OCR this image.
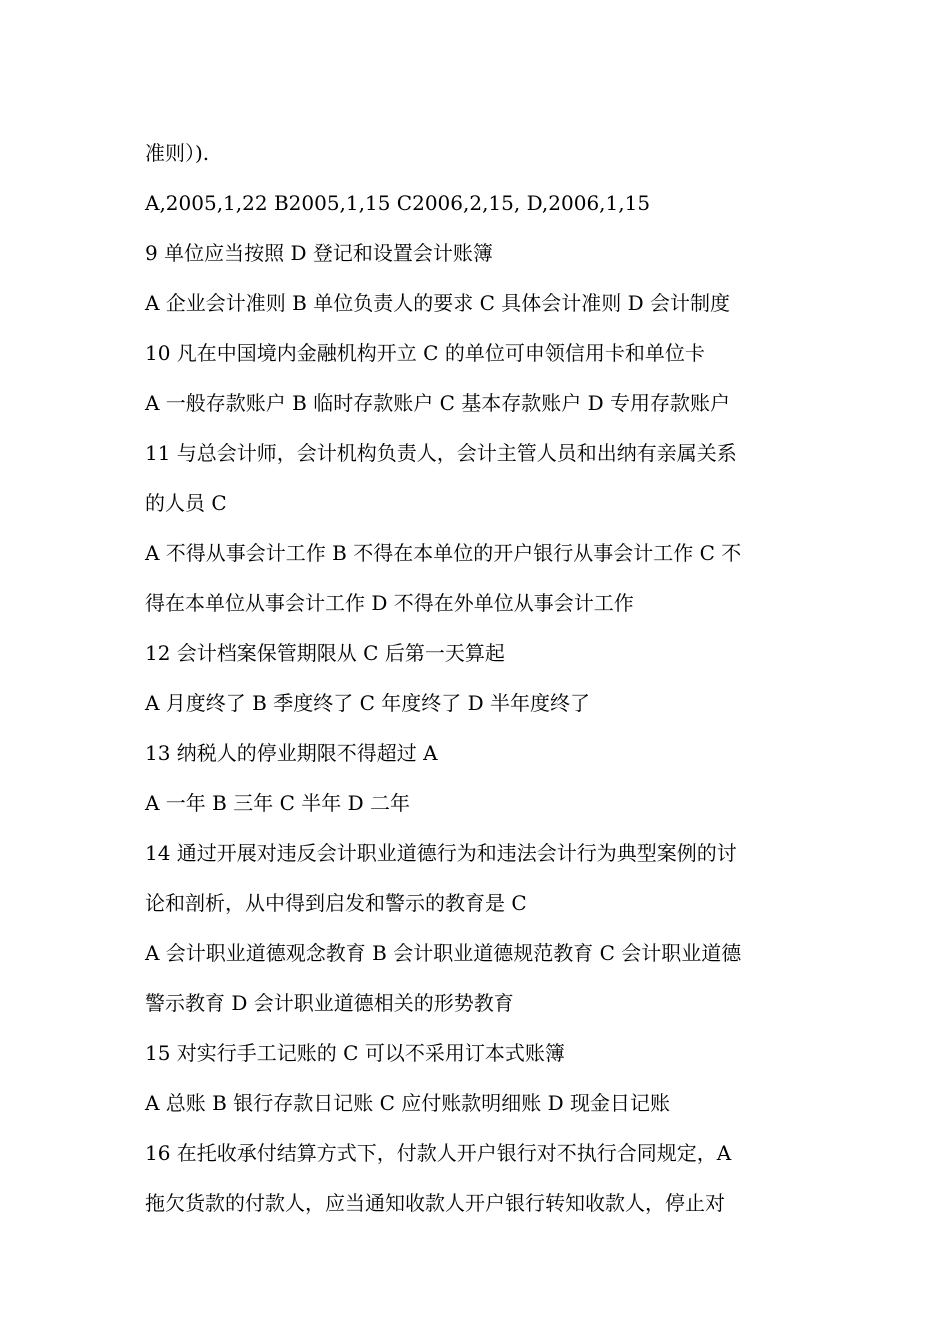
准则）).
A,2005,1,22 B2005,1,15 C2006,2,15, D,2006,1,15
9 单位应当按照 D 登记和设置会计账簿
A 企业会计准则 B 单位负责人的要求 C 具体会计准则 D 会计制度
10 凡在中国境内金融机构开立 C 的单位可申领信用卡和单位卡
A 一般存款账户 B 临时存款账户 C 基本存款账户 D 专用存款账户
11 与总会计师，会计机构负责人，会计主管人员和出纳有亲属关系
的人员 C
A 不得从事会计工作 B 不得在本单位的开户银行从事会计工作 C 不
得在本单位从事会计工作 D 不得在外单位从事会计工作
12 会计档案保管期限从 C 后第一天算起
A 月度终了 B 季度终了 C 年度终了 D 半年度终了
13 纳税人的停业期限不得超过 A
A 一年 B 三年 C 半年 D 二年
14 通过开展对违反会计职业道德行为和违法会计行为典型案例的讨
论和剖析，从中得到启发和警示的教育是 C
A 会计职业道德观念教育 B 会计职业道德规范教育 C 会计职业道德
警示教育 D 会计职业道德相关的形势教育
15 对实行手工记账的 C 可以不采用订本式账簿
A 总账 B 银行存款日记账 C 应付账款明细账 D 现金日记账
16 在托收承付结算方式下，付款人开户银行对不执行合同规定，A
拖欠货款的付款人，应当通知收款人开户银行转知收款人，停止对
